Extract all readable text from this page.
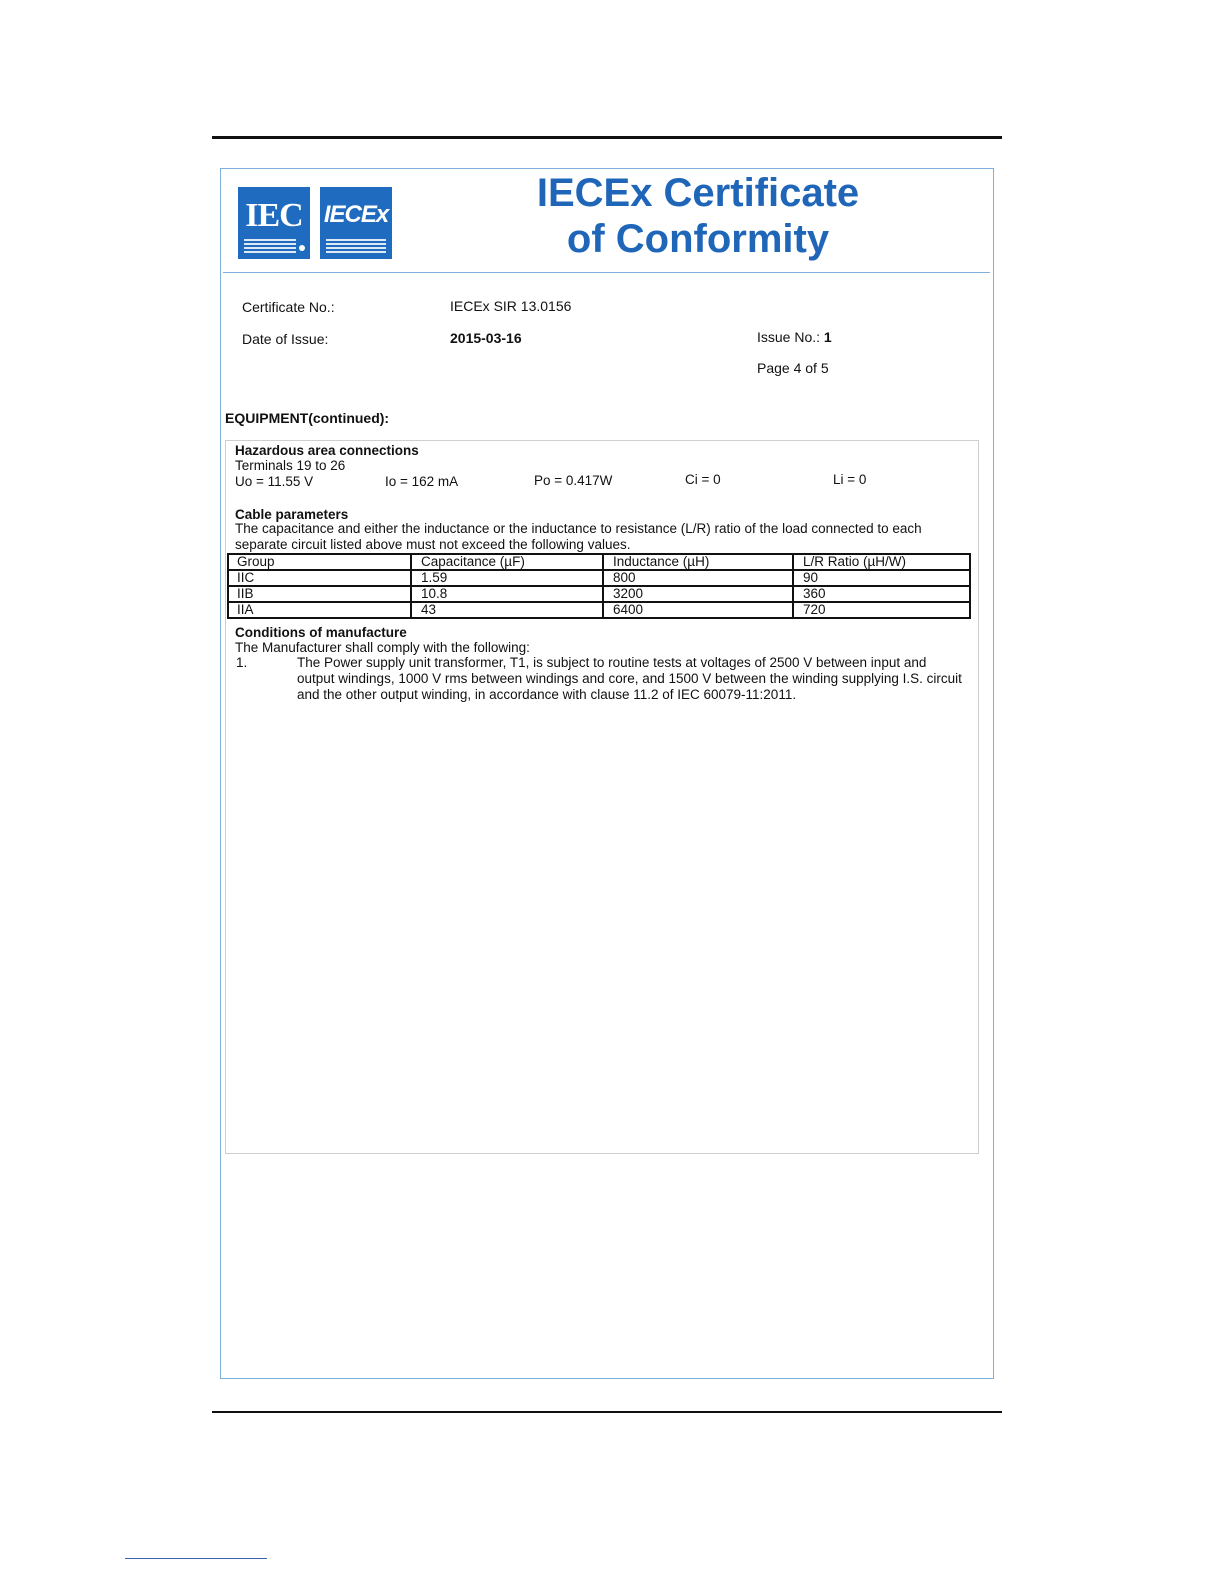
IEC IECEx	IECEx Certificate
of Conformity
Certificate No.:	IECEx SIR 13.0156
Date of Issue:	2015-03-16	Issue No.: 1
Page 4 of 5
EQUIPMENT(continued):
Hazardous area connections
Terminals 19 to 26
Uo = 11.55 V	Io = 162 mA	Po = 0.417W	Ci = 0	Li = 0
Cable parameters
The capacitance and either the inductance or the inductance to resistance (L/R) ratio of the load connected to each separate circuit listed above must not exceed the following values.
Group	Capacitance (µF)	Inductance (µH)	L/R Ratio (µH/W)
IIC	1.59	800	90
IIB	10.8	3200	360
IIA	43	6400	720
Conditions of manufacture
The Manufacturer shall comply with the following:
1.	The Power supply unit transformer, T1, is subject to routine tests at voltages of 2500 V between input and output windings, 1000 V rms between windings and core, and 1500 V between the winding supplying I.S. circuit and the other output winding, in accordance with clause 11.2 of IEC 60079-11:2011.
